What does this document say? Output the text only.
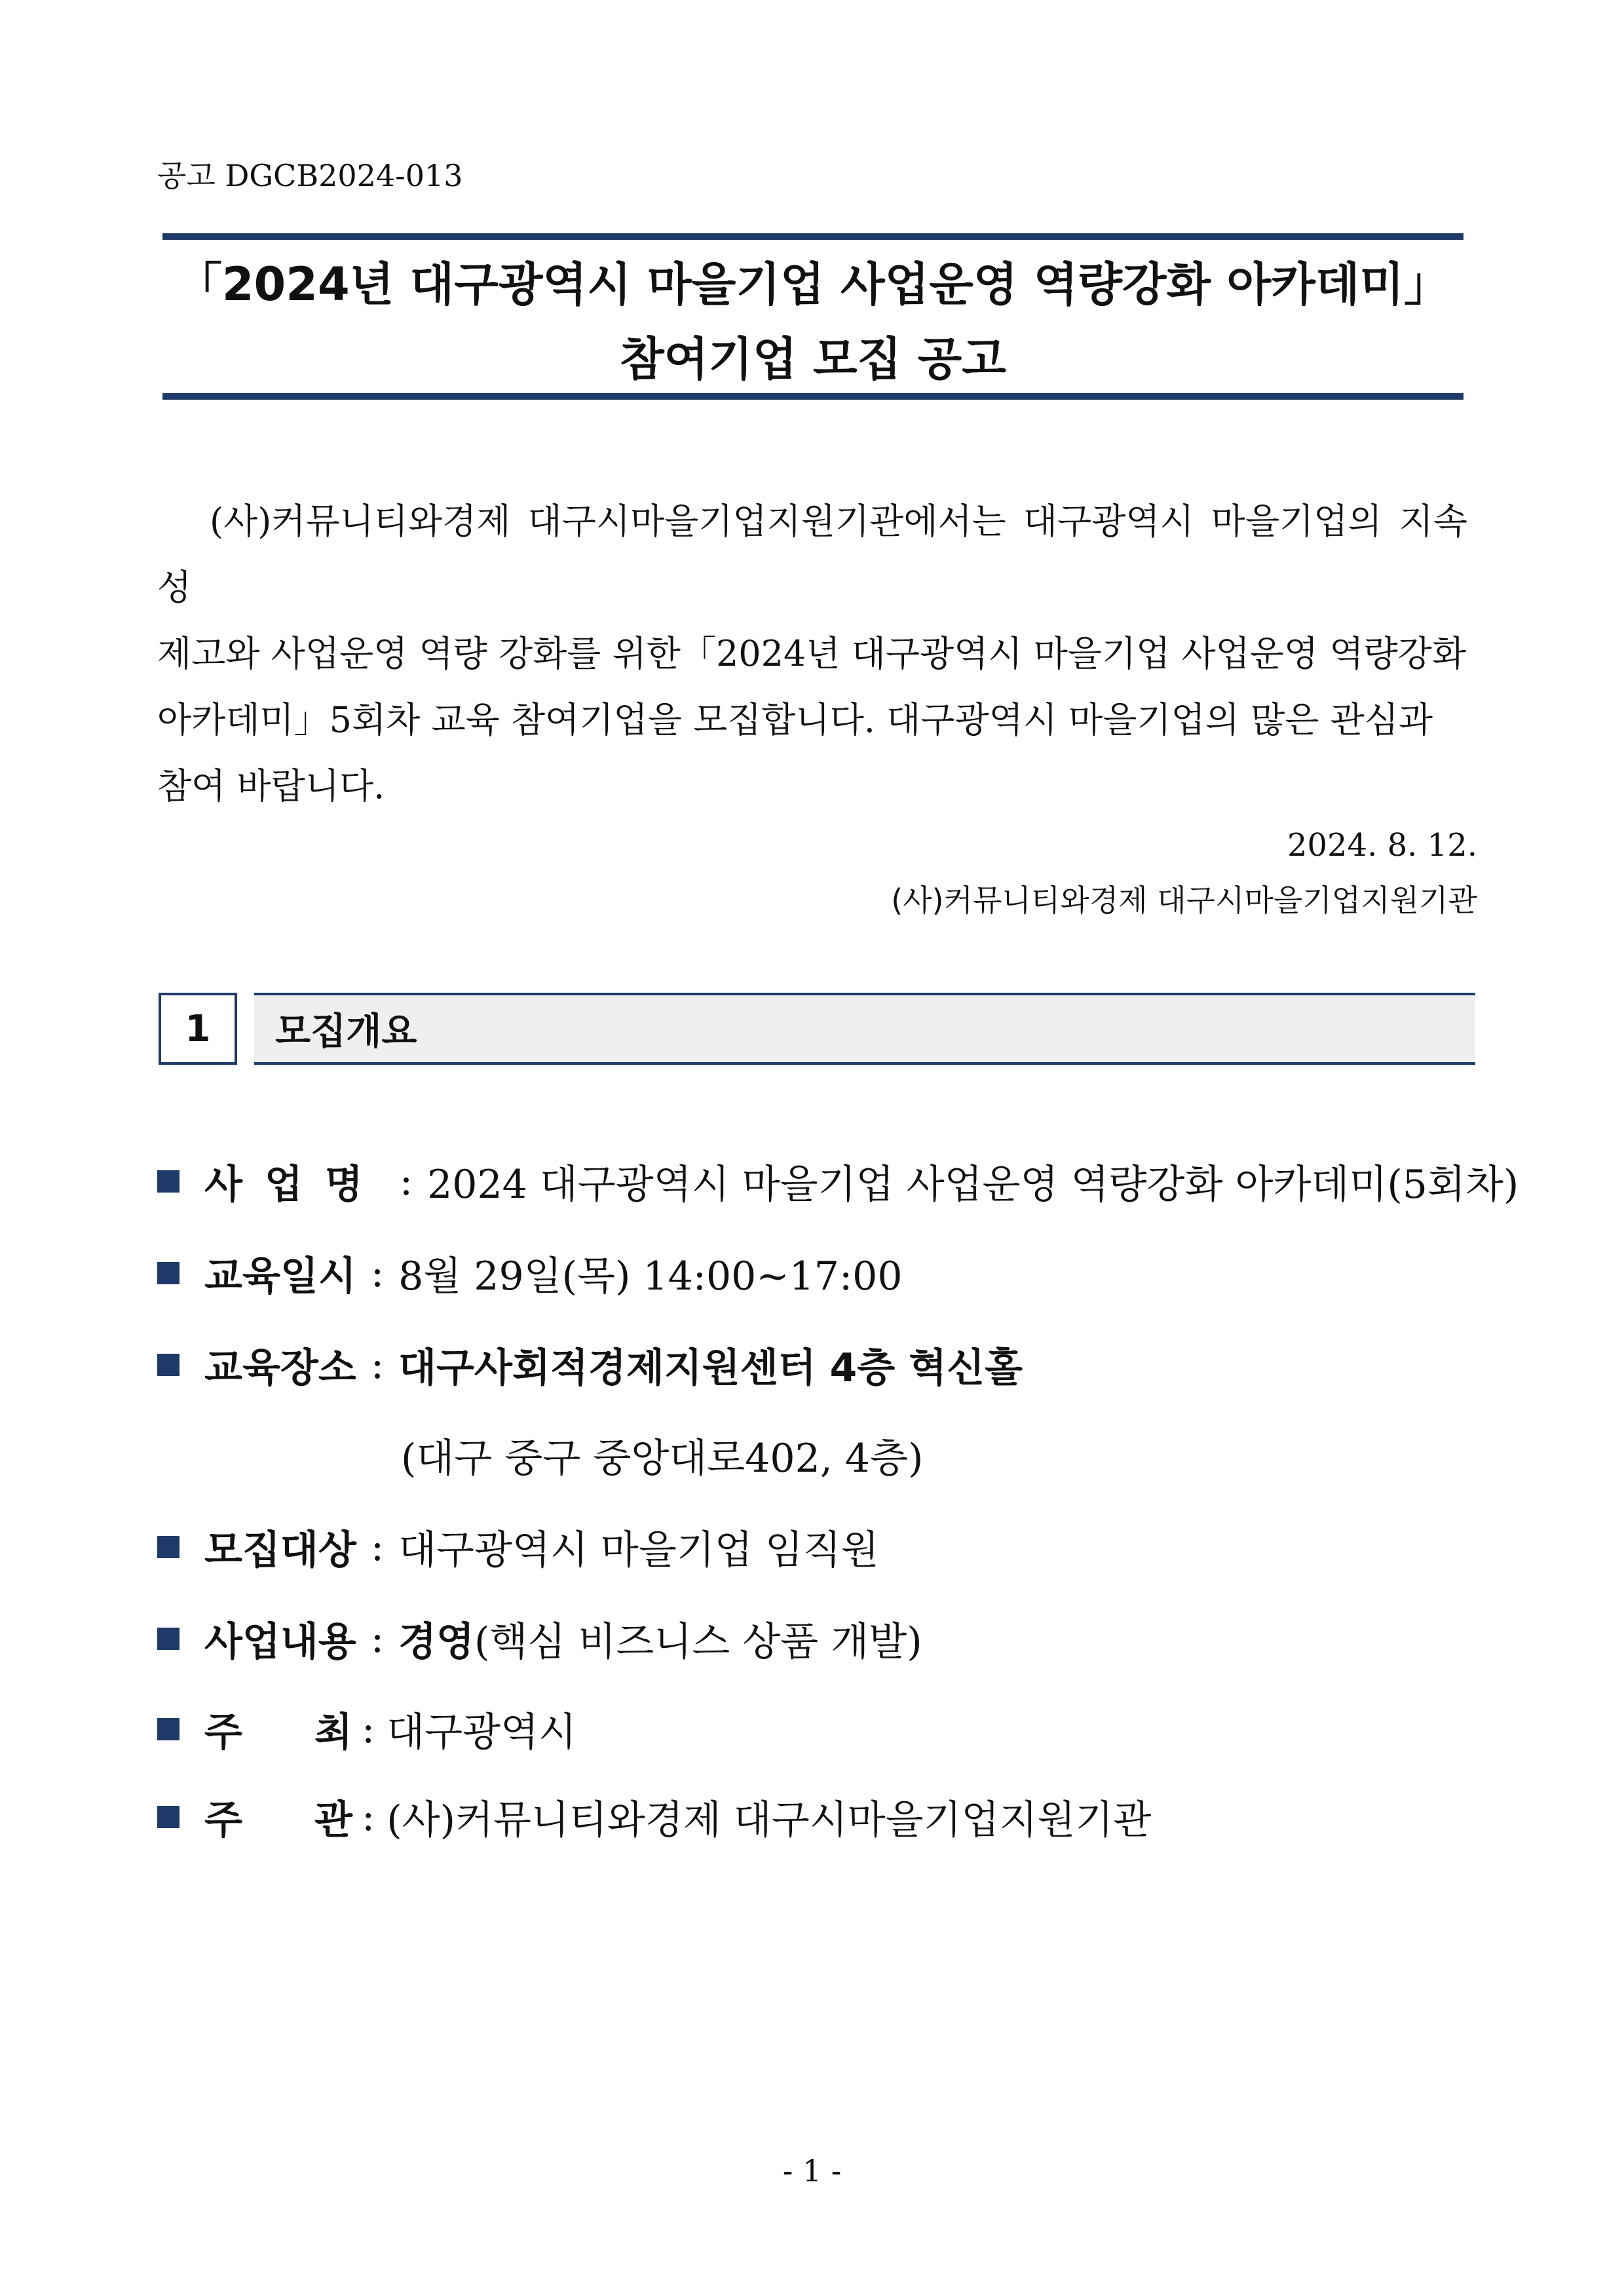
공고 DGCB2024-013
「2024년 대구광역시 마을기업 사업운영 역량강화 아카데미」
참여기업 모집 공고
(사)커뮤니티와경제 대구시마을기업지원기관에서는 대구광역시 마을기업의 지속성
제고와 사업운영 역량 강화를 위한「2024년 대구광역시 마을기업 사업운영 역량강화
아카데미」5회차 교육 참여기업을 모집합니다. 대구광역시 마을기업의 많은 관심과
참여 바랍니다.
2024. 8. 12.
(사)커뮤니티와경제 대구시마을기업지원기관
1	모집개요
사업명 : 2024 대구광역시 마을기업 사업운영 역량강화 아카데미(5회차)
교육일시 : 8월 29일(목) 14:00~17:00
교육장소 : 대구사회적경제지원센터 4층 혁신홀
(대구 중구 중앙대로402, 4층)
모집대상 : 대구광역시 마을기업 임직원
사업내용 : 경영 (핵심 비즈니스 상품 개발)
주 최 : 대구광역시
주 관 : (사)커뮤니티와경제 대구시마을기업지원기관
- 1 -
